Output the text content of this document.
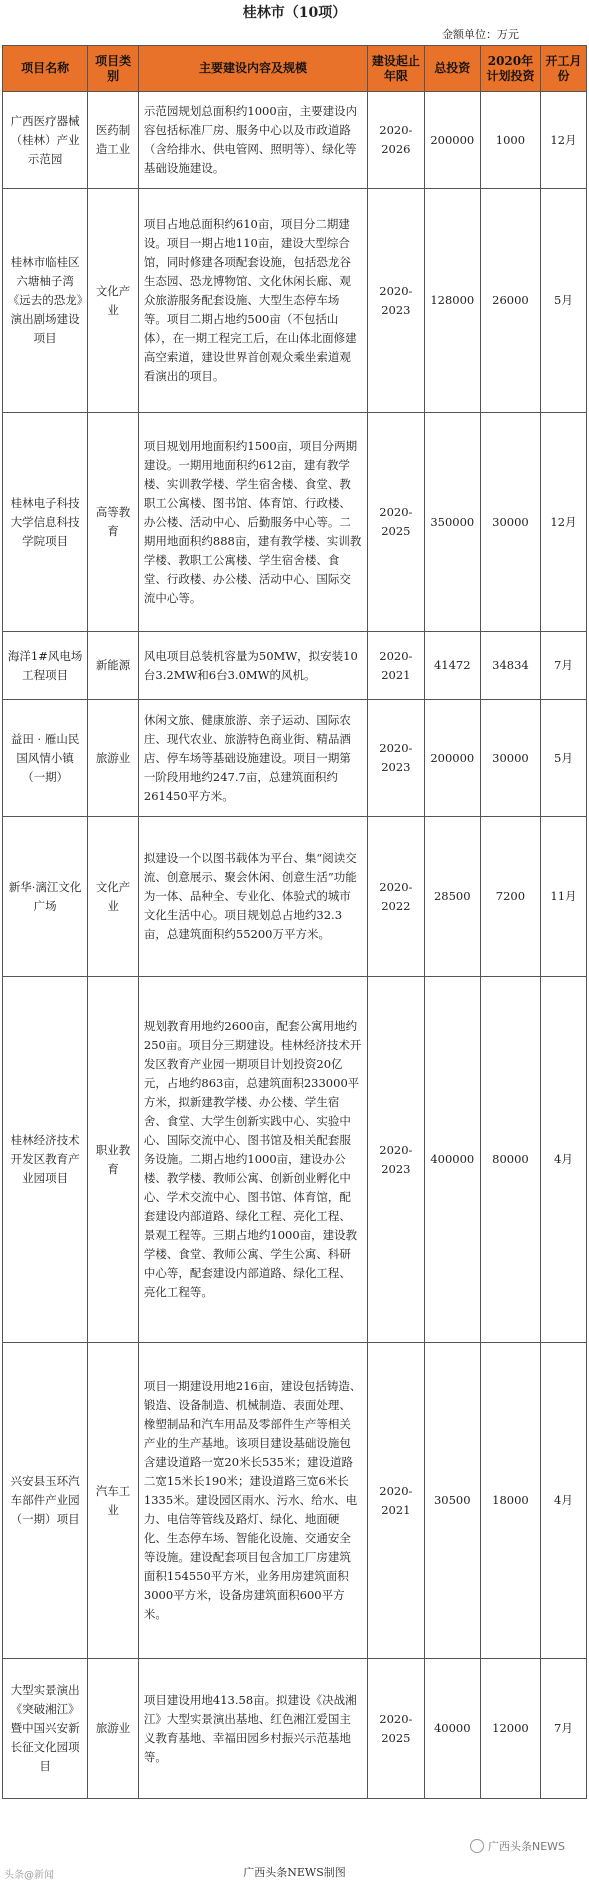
桂林市（10项）
金额单位：万元
项目名称	项目类别	主要建设内容及规模	建设起止年限	总投资	2020年计划投资	开工月份
广西医疗器械（桂林）产业示范园	医药制造工业	示范园规划总面积约1000亩，主要建设内容包括标准厂房、服务中心以及市政道路（含给排水、供电管网、照明等）、绿化等基础设施建设。	2020-2026	200000	1000	12月
桂林市临桂区六塘柚子湾《远去的恐龙》演出剧场建设项目	文化产业	项目占地总面积约610亩，项目分二期建设。项目一期占地110亩，建设大型综合馆，同时修建各项配套设施，包括恐龙谷生态园、恐龙博物馆、文化休闲长廊、观众旅游服务配套设施、大型生态停车场等。项目二期占地约500亩（不包括山体），在一期工程完工后，在山体北面修建高空索道，建设世界首创观众乘坐索道观看演出的项目。	2020-2023	128000	26000	5月
桂林电子科技大学信息科技学院项目	高等教育	项目规划用地面积约1500亩，项目分两期建设。一期用地面积约612亩，建有教学楼、实训教学楼、学生宿舍楼、食堂、教职工公寓楼、图书馆、体育馆、行政楼、办公楼、活动中心、后勤服务中心等。二期用地面积约888亩，建有教学楼、实训教学楼、教职工公寓楼、学生宿舍楼、食堂、行政楼、办公楼、活动中心、国际交流中心等。	2020-2025	350000	30000	12月
海洋1#风电场工程项目	新能源	风电项目总装机容量为50MW，拟安装10台3.2MW和6台3.0MW的风机。	2020-2021	41472	34834	7月
益田 · 雁山民国风情小镇（一期）	旅游业	休闲文旅、健康旅游、亲子运动、国际农庄、现代农业、旅游特色商业街、精品酒店、停车场等基础设施建设。项目一期第一阶段用地约247.7亩，总建筑面积约261450平方米。	2020-2023	200000	30000	5月
新华·漓江文化广场	文化产业	拟建设一个以图书载体为平台、集“阅读交流、创意展示、聚会休闲、创意生活”功能为一体、品种全、专业化、体验式的城市文化生活中心。项目规划总占地约32.3亩，总建筑面积约55200万平方米。	2020-2022	28500	7200	11月
桂林经济技术开发区教育产业园项目	职业教育	规划教育用地约2600亩，配套公寓用地约250亩。项目分三期建设。桂林经济技术开发区教育产业园一期项目计划投资20亿元，占地约863亩，总建筑面积233000平方米，拟新建教学楼、办公楼、学生宿舍、食堂、大学生创新实践中心、实验中心、国际交流中心、图书馆及相关配套服务设施。二期占地约1000亩，建设办公楼、教学楼、教师公寓、创新创业孵化中心、学术交流中心、图书馆、体育馆，配套建设内部道路、绿化工程、亮化工程、景观工程等。三期占地约1000亩，建设教学楼、食堂、教师公寓、学生公寓、科研中心等，配套建设内部道路、绿化工程、亮化工程等。	2020-2023	400000	80000	4月
兴安县玉环汽车部件产业园（一期）项目	汽车工业	项目一期建设用地216亩，建设包括铸造、锻造、设备制造、机械制造、表面处理、橡塑制品和汽车用品及零部件生产等相关产业的生产基地。该项目建设基础设施包含建设道路一宽20米长535米；建设道路二宽15米长190米；建设道路三宽6米长1335米。建设园区雨水、污水、给水、电力、电信等管线及路灯、绿化、地面硬化、生态停车场、智能化设施、交通安全等设施。建设配套项目包含加工厂房建筑面积154550平方米，业务用房建筑面积3000平方米，设备房建筑面积600平方米。	2020-2021	30500	18000	4月
大型实景演出《突破湘江》暨中国兴安新长征文化园项目	旅游业	项目建设用地413.58亩。拟建设《决战湘江》大型实景演出基地、红色湘江爱国主义教育基地、幸福田园乡村振兴示范基地等。	2020-2025	40000	12000	7月
广西头条NEWS
头条@新闻	广西头条NEWS制图
